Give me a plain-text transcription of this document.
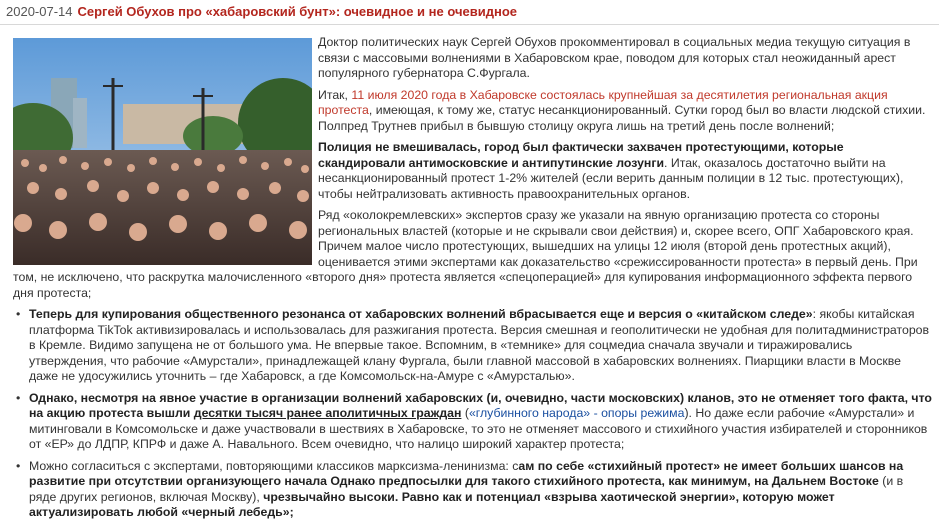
2020-07-14 Сергей Обухов про «хабаровский бунт»: очевидное и не очевидное

Доктор политических наук Сергей Обухов прокомментировал в социальных медиа текущую ситуация в связи с массовыми волнениями в Хабаровском крае, поводом для которых стал неожиданный арест популярного губернатора С.Фургала.

Итак, 11 июля 2020 года в Хабаровске состоялась крупнейшая за десятилетия региональная акция протеста, имеющая, к тому же, статус несанкционированный. Сутки город был во власти людской стихии. Полпред Трутнев прибыл в бывшую столицу округа лишь на третий день после волнений;

Полиция не вмешивалась, город был фактически захвачен протестующими, которые скандировали антимосковские и антипутинские лозунги. Итак, оказалось достаточно выйти на несанкционированный протест 1-2% жителей (если верить данным полиции в 12 тыс. протестующих), чтобы нейтрализовать активность правоохранительных органов.

Ряд «околокремлевских» экспертов сразу же указали на явную организацию протеста со стороны региональных властей (которые и не скрывали свои действия) и, скорее всего, ОПГ Хабаровского края. Причем малое число протестующих, вышедших на улицы 12 июля (второй день протестных акций), оценивается этими экспертами как доказательство «срежиссированности протеста» в первый день. При том, не исключено, что раскрутка малочисленного «второго дня» протеста является «спецоперацией» для купирования информационного эффекта первого дня протеста;

• Теперь для купирования общественного резонанса от хабаровских волнений вбрасывается еще и версия о «китайском следе»: якобы китайская платформа TikTok активизировалась и использовалась для разжигания протеста. Версия смешная и геополитически не удобная для политадминистраторов в Кремле. Видимо запущена не от большого ума. Не впервые такое. Вспомним, в «темнике» для соцмедиа сначала звучали и тиражировались утверждения, что рабочие «Амурстали», принадлежащей клану Фургала, были главной массовой в хабаровских волнениях. Пиарщики власти в Москве даже не удосужились уточнить – где Хабаровск, а где Комсомольск-на-Амуре с «Амурсталью».
• Однако, несмотря на явное участие в организации волнений хабаровских (и, очевидно, части московских) кланов, это не отменяет того факта, что на акцию протеста вышли десятки тысяч ранее аполитичных граждан («глубинного народа» - опоры режима). Но даже если рабочие «Амурстали» и митинговали в Комсомольске и даже участвовали в шествиях в Хабаровске, то это не отменяет массового и стихийного участия избирателей и сторонников от «ЕР» до ЛДПР, КПРФ и даже А. Навального. Всем очевидно, что налицо широкий характер протеста;
• Можно согласиться с экспертами, повторяющими классиков марксизма-ленинизма: сам по себе «стихийный протест» не имеет больших шансов на развитие при отсутствии организующего начала Однако предпосылки для такого стихийного протеста, как минимум, на Дальнем Востоке (и в ряде других регионов, включая Москву), чрезвычайно высоки. Равно как и потенциал «взрыва хаотической энергии», которую может актуализировать любой «черный лебедь»;
